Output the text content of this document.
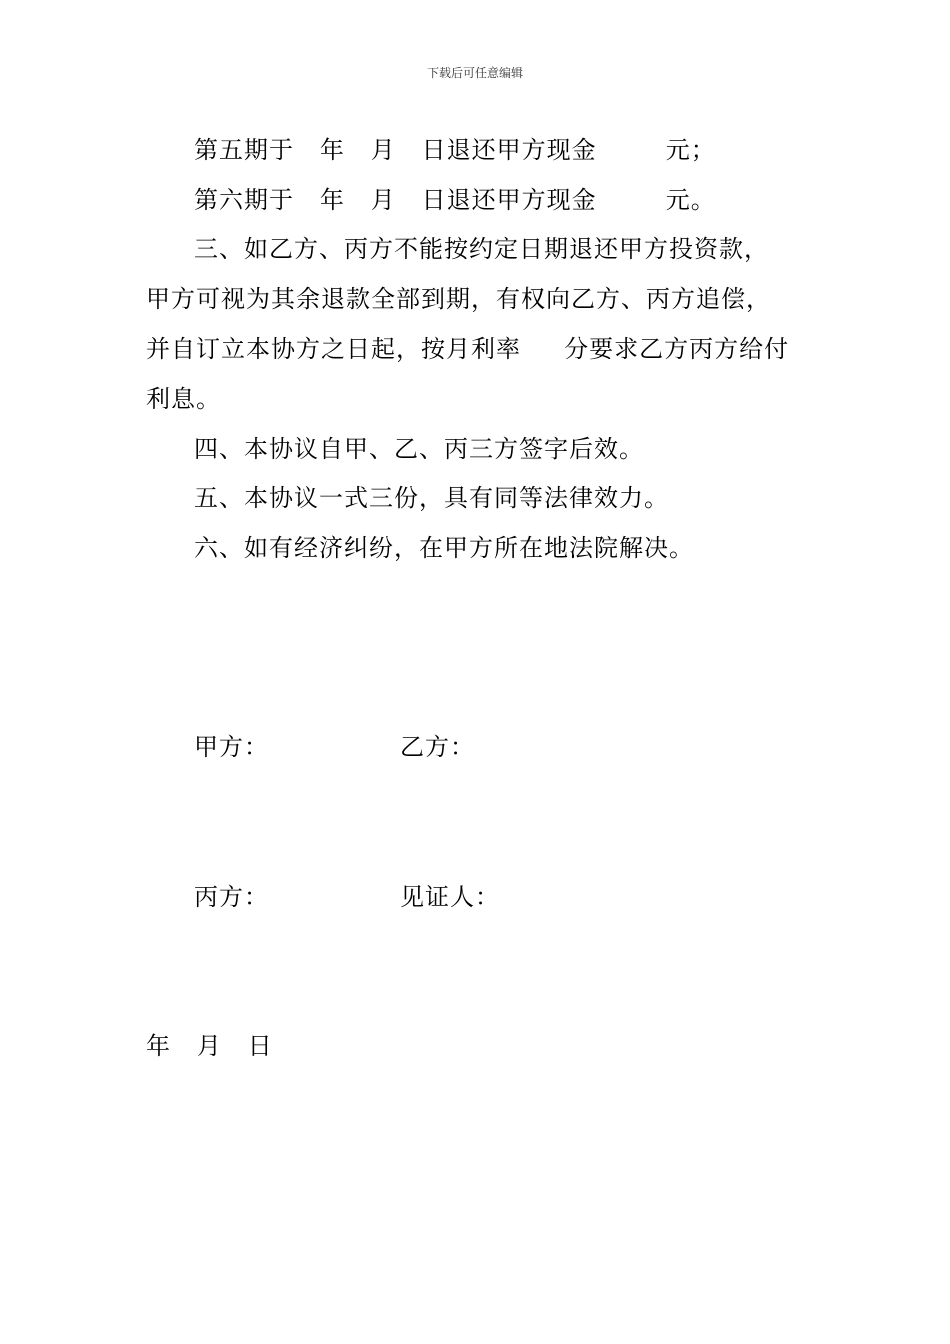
下载后可任意编辑
第五期于   年   月   日退还甲方现金        元；
第六期于   年   月   日退还甲方现金        元。
三、如乙方、丙方不能按约定日期退还甲方投资款，
甲方可视为其余退款全部到期，有权向乙方、丙方追偿，
并自订立本协方之日起，按月利率     分要求乙方丙方给付
利息。
四、本协议自甲、乙、丙三方签字后效。
五、本协议一式三份，具有同等法律效力。
六、如有经济纠纷，在甲方所在地法院解决。
甲方：	乙方：
丙方：	见证人：
年   月   日
